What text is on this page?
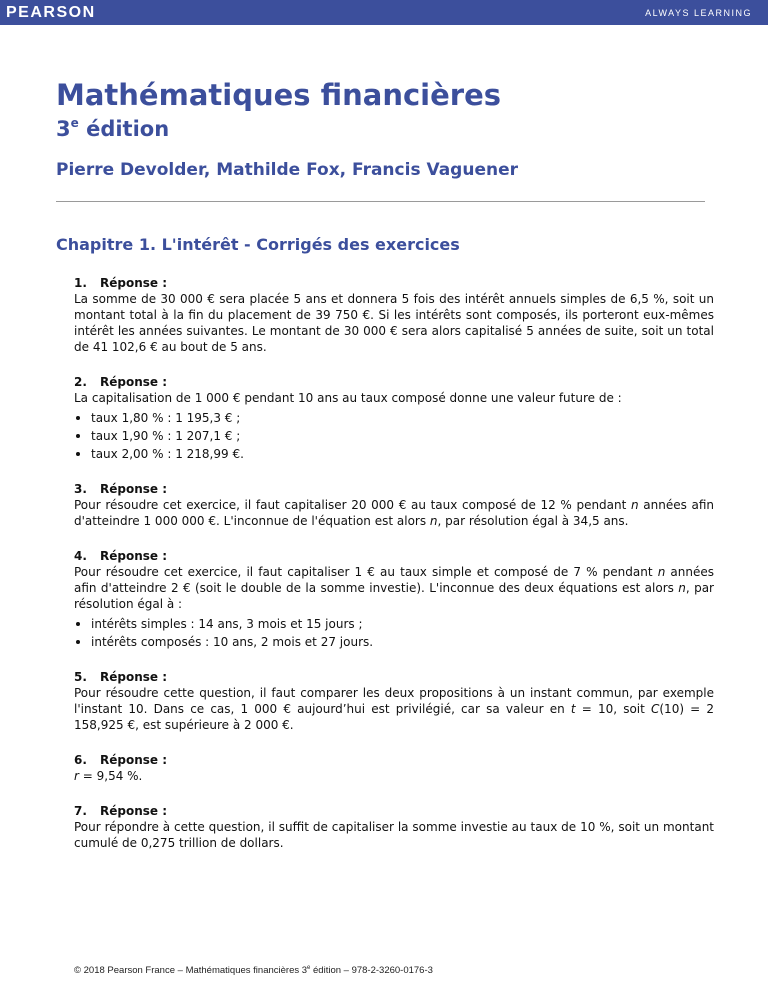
PEARSON	ALWAYS LEARNING
Mathématiques financières
3e édition
Pierre Devolder, Mathilde Fox, Francis Vaguener
Chapitre 1. L'intérêt - Corrigés des exercices
1. Réponse :

La somme de 30 000 € sera placée 5 ans et donnera 5 fois des intérêt annuels simples de 6,5 %, soit un montant total à la fin du placement de 39 750 €. Si les intérêts sont composés, ils porteront eux-mêmes intérêt les années suivantes. Le montant de 30 000 € sera alors capitalisé 5 années de suite, soit un total de 41 102,6 € au bout de 5 ans.

2. Réponse :

La capitalisation de 1 000 € pendant 10 ans au taux composé donne une valeur future de :

taux 1,80 % : 1 195,3 € ;
taux 1,90 % : 1 207,1 € ;
taux 2,00 % : 1 218,99 €.
3. Réponse :

Pour résoudre cet exercice, il faut capitaliser 20 000 € au taux composé de 12 % pendant n années afin d'atteindre 1 000 000 €. L'inconnue de l'équation est alors n, par résolution égal à 34,5 ans.

4. Réponse :

Pour résoudre cet exercice, il faut capitaliser 1 € au taux simple et composé de 7 % pendant n années afin d'atteindre 2 € (soit le double de la somme investie). L'inconnue des deux équations est alors n, par résolution égal à :

intérêts simples : 14 ans, 3 mois et 15 jours ;
intérêts composés : 10 ans, 2 mois et 27 jours.
5. Réponse :

Pour résoudre cette question, il faut comparer les deux propositions à un instant commun, par exemple l'instant 10. Dans ce cas, 1 000 € aujourd’hui est privilégié, car sa valeur en t = 10, soit C(10) = 2 158,925 €, est supérieure à 2 000 €.

6. Réponse :

r = 9,54 %.

7. Réponse :

Pour répondre à cette question, il suffit de capitaliser la somme investie au taux de 10 %, soit un montant cumulé de 0,275 trillion de dollars.

© 2018 Pearson France – Mathématiques financières 3e édition – 978-2-3260-0176-3
